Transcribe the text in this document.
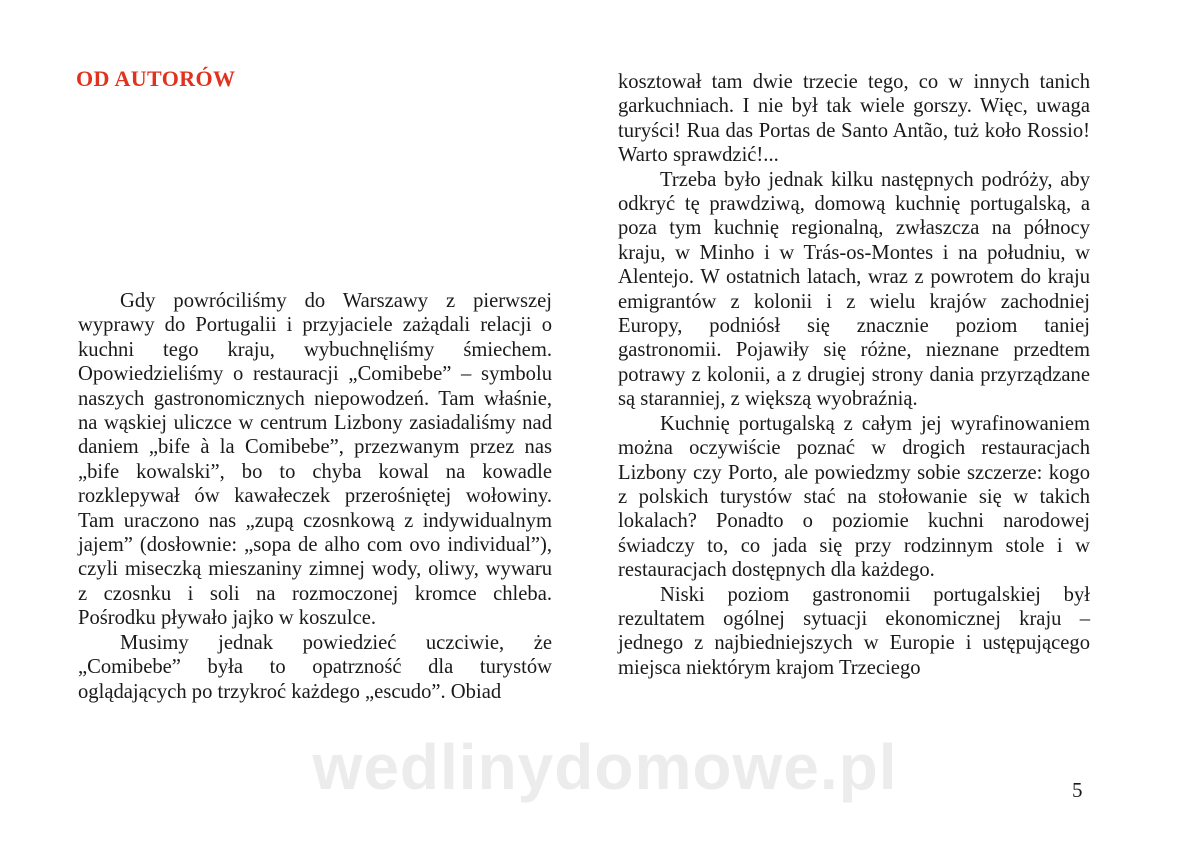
OD AUTORÓW

Gdy powróciliśmy do Warszawy z pierwszej wyprawy do Portugalii i przyjaciele zażądali relacji o kuchni tego kraju, wybuchnęliśmy śmiechem. Opowiedzieliśmy o restauracji „Comibebe” – symbolu naszych gastronomicznych niepowodzeń. Tam właśnie, na wąskiej uliczce w centrum Lizbony zasiadaliśmy nad daniem „bife à la Comibebe”, przezwanym przez nas „bife kowalski”, bo to chyba kowal na kowadle rozklepywał ów kawałeczek przerośniętej wołowiny. Tam uraczono nas „zupą czosnkową z indywidualnym jajem” (dosłownie: „sopa de alho com ovo individual”), czyli miseczką mieszaniny zimnej wody, oliwy, wywaru z czosnku i soli na rozmoczonej kromce chleba. Pośrodku pływało jajko w koszulce.

Musimy jednak powiedzieć uczciwie, że „Comibebe” była to opatrzność dla turystów oglądających po trzykroć każdego „escudo”. Obiad

kosztował tam dwie trzecie tego, co w innych tanich garkuchniach. I nie był tak wiele gorszy. Więc, uwaga turyści! Rua das Portas de Santo Antão, tuż koło Rossio! Warto sprawdzić!...

Trzeba było jednak kilku następnych podróży, aby odkryć tę prawdziwą, domową kuchnię portugalską, a poza tym kuchnię regionalną, zwłaszcza na północy kraju, w Minho i w Trás-os-Montes i na południu, w Alentejo. W ostatnich latach, wraz z powrotem do kraju emigrantów z kolonii i z wielu krajów zachodniej Europy, podniósł się znacznie poziom taniej gastronomii. Pojawiły się różne, nieznane przedtem potrawy z kolonii, a z drugiej strony dania przyrządzane są staranniej, z większą wyobraźnią.

Kuchnię portugalską z całym jej wyrafinowaniem można oczywiście poznać w drogich restauracjach Lizbony czy Porto, ale powiedzmy sobie szczerze: kogo z polskich turystów stać na stołowanie się w takich lokalach? Ponadto o poziomie kuchni narodowej świadczy to, co jada się przy rodzinnym stole i w restauracjach dostępnych dla każdego.

Niski poziom gastronomii portugalskiej był rezultatem ogólnej sytuacji ekonomicznej kraju – jednego z najbiedniejszych w Europie i ustępującego miejsca niektórym krajom Trzeciego

wedlinydomowe.pl	5
